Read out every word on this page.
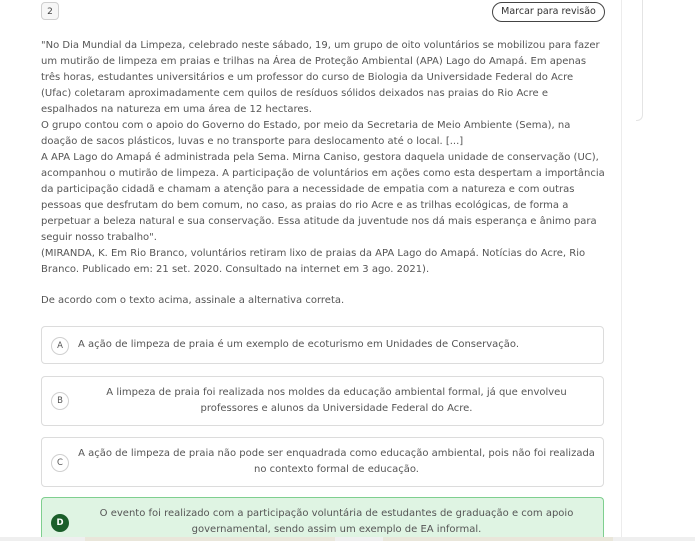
2	Marcar para revisão

"No Dia Mundial da Limpeza, celebrado neste sábado, 19, um grupo de oito voluntários se mobilizou para fazer um mutirão de limpeza em praias e trilhas na Área de Proteção Ambiental (APA) Lago do Amapá. Em apenas três horas, estudantes universitários e um professor do curso de Biologia da Universidade Federal do Acre (Ufac) coletaram aproximadamente cem quilos de resíduos sólidos deixados nas praias do Rio Acre e espalhados na natureza em uma área de 12 hectares.

O grupo contou com o apoio do Governo do Estado, por meio da Secretaria de Meio Ambiente (Sema), na doação de sacos plásticos, luvas e no transporte para deslocamento até o local. [...]

A APA Lago do Amapá é administrada pela Sema. Mirna Caniso, gestora daquela unidade de conservação (UC), acompanhou o mutirão de limpeza. A participação de voluntários em ações como esta despertam a importância da participação cidadã e chamam a atenção para a necessidade de empatia com a natureza e com outras pessoas que desfrutam do bem comum, no caso, as praias do rio Acre e as trilhas ecológicas, de forma a perpetuar a beleza natural e sua conservação. Essa atitude da juventude nos dá mais esperança e ânimo para seguir nosso trabalho".

(MIRANDA, K. Em Rio Branco, voluntários retiram lixo de praias da APA Lago do Amapá. Notícias do Acre, Rio Branco. Publicado em: 21 set. 2020. Consultado na internet em 3 ago. 2021).

De acordo com o texto acima, assinale a alternativa correta.
A	A ação de limpeza de praia é um exemplo de ecoturismo em Unidades de Conservação.
B
A limpeza de praia foi realizada nos moldes da educação ambiental formal, já que envolveu professores e alunos da Universidade Federal do Acre.
C
A ação de limpeza de praia não pode ser enquadrada como educação ambiental, pois não foi realizada no contexto formal de educação.
D
O evento foi realizado com a participação voluntária de estudantes de graduação e com apoio governamental, sendo assim um exemplo de EA informal.
